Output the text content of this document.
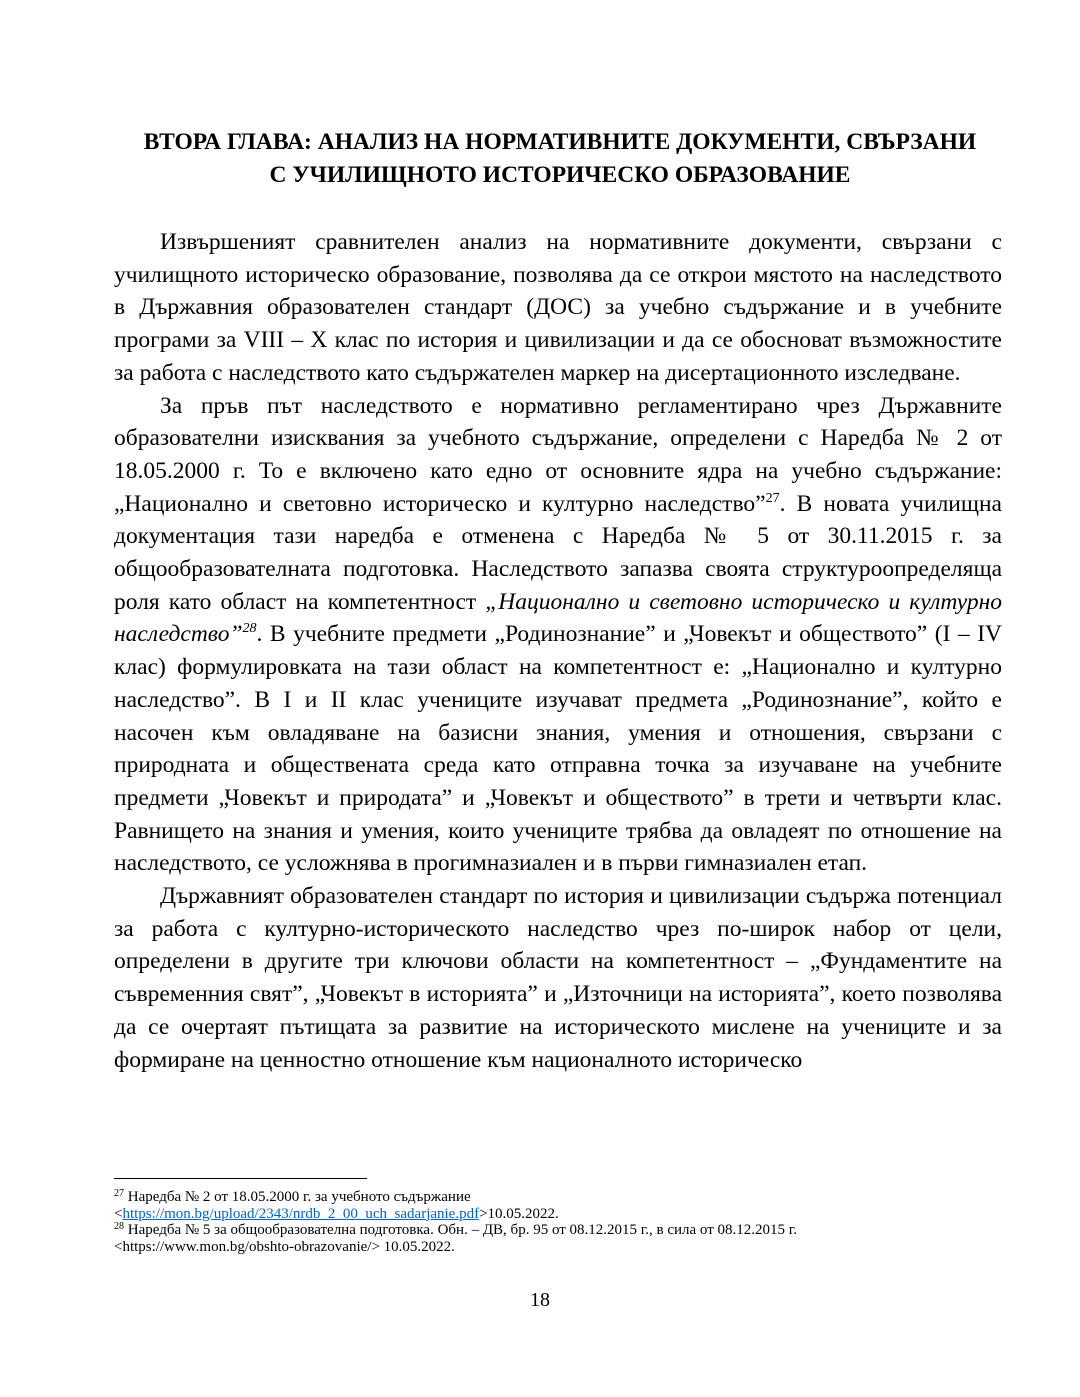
ВТОРА ГЛАВА: АНАЛИЗ НА НОРМАТИВНИТЕ ДОКУМЕНТИ, СВЪРЗАНИ
С УЧИЛИЩНОТО ИСТОРИЧЕСКО ОБРАЗОВАНИЕ

Извършеният сравнителен анализ на нормативните документи, свързани с училищното историческо образование, позволява да се открои мястото на наследството в Държавния образователен стандарт (ДОС) за учебно съдържание и в учебните програми за VIII – X клас по история и цивилизации и да се обосноват възможностите за работа с наследството като съдържателен маркер на дисертационното изследване.

За пръв път наследството е нормативно регламентирано чрез Държавните образователни изисквания за учебното съдържание, определени с Наредба № 2 от 18.05.2000 г. То е включено като едно от основните ядра на учебно съдържание: „Национално и световно историческо и културно наследство”$^{27}$. В новата училищна документация тази наредба е отменена с Наредба № 5 от 30.11.2015 г. за общообразователната подготовка. Наследството запазва своята структуроопределяща роля като област на компетентност „Национално и световно историческо и културно наследство”$^{28}$. В учебните предмети „Родинознание” и „Човекът и обществото” (I – IV клас) формулировката на тази област на компетентност е: „Национално и културно наследство”. В I и II клас учениците изучават предмета „Родинознание”, който е насочен към овладяване на базисни знания, умения и отношения, свързани с природната и обществената среда като отправна точка за изучаване на учебните предмети „Човекът и природата” и „Човекът и обществото” в трети и четвърти клас. Равнището на знания и умения, които учениците трябва да овладеят по отношение на наследството, се усложнява в прогимназиален и в първи гимназиален етап.

Държавният образователен стандарт по история и цивилизации съдържа потенциал за работа с културно-историческото наследство чрез по-широк набор от цели, определени в другите три ключови области на компетентност – „Фундаментите на съвременния свят”, „Човекът в историята” и „Източници на историята”, което позволява да се очертаят пътищата за развитие на историческото мислене на учениците и за формиране на ценностно отношение към националното историческо

$^{27}$ Наредба № 2 от 18.05.2000 г. за учебното съдържание
<https://mon.bg/upload/2343/nrdb_2_00_uch_sadarjanie.pdf>10.05.2022.

$^{28}$ Наредба № 5 за общообразователна подготовка. Обн. – ДВ, бр. 95 от 08.12.2015 г., в сила от 08.12.2015 г.
<https://www.mon.bg/obshto-obrazovanie/> 10.05.2022.

18
